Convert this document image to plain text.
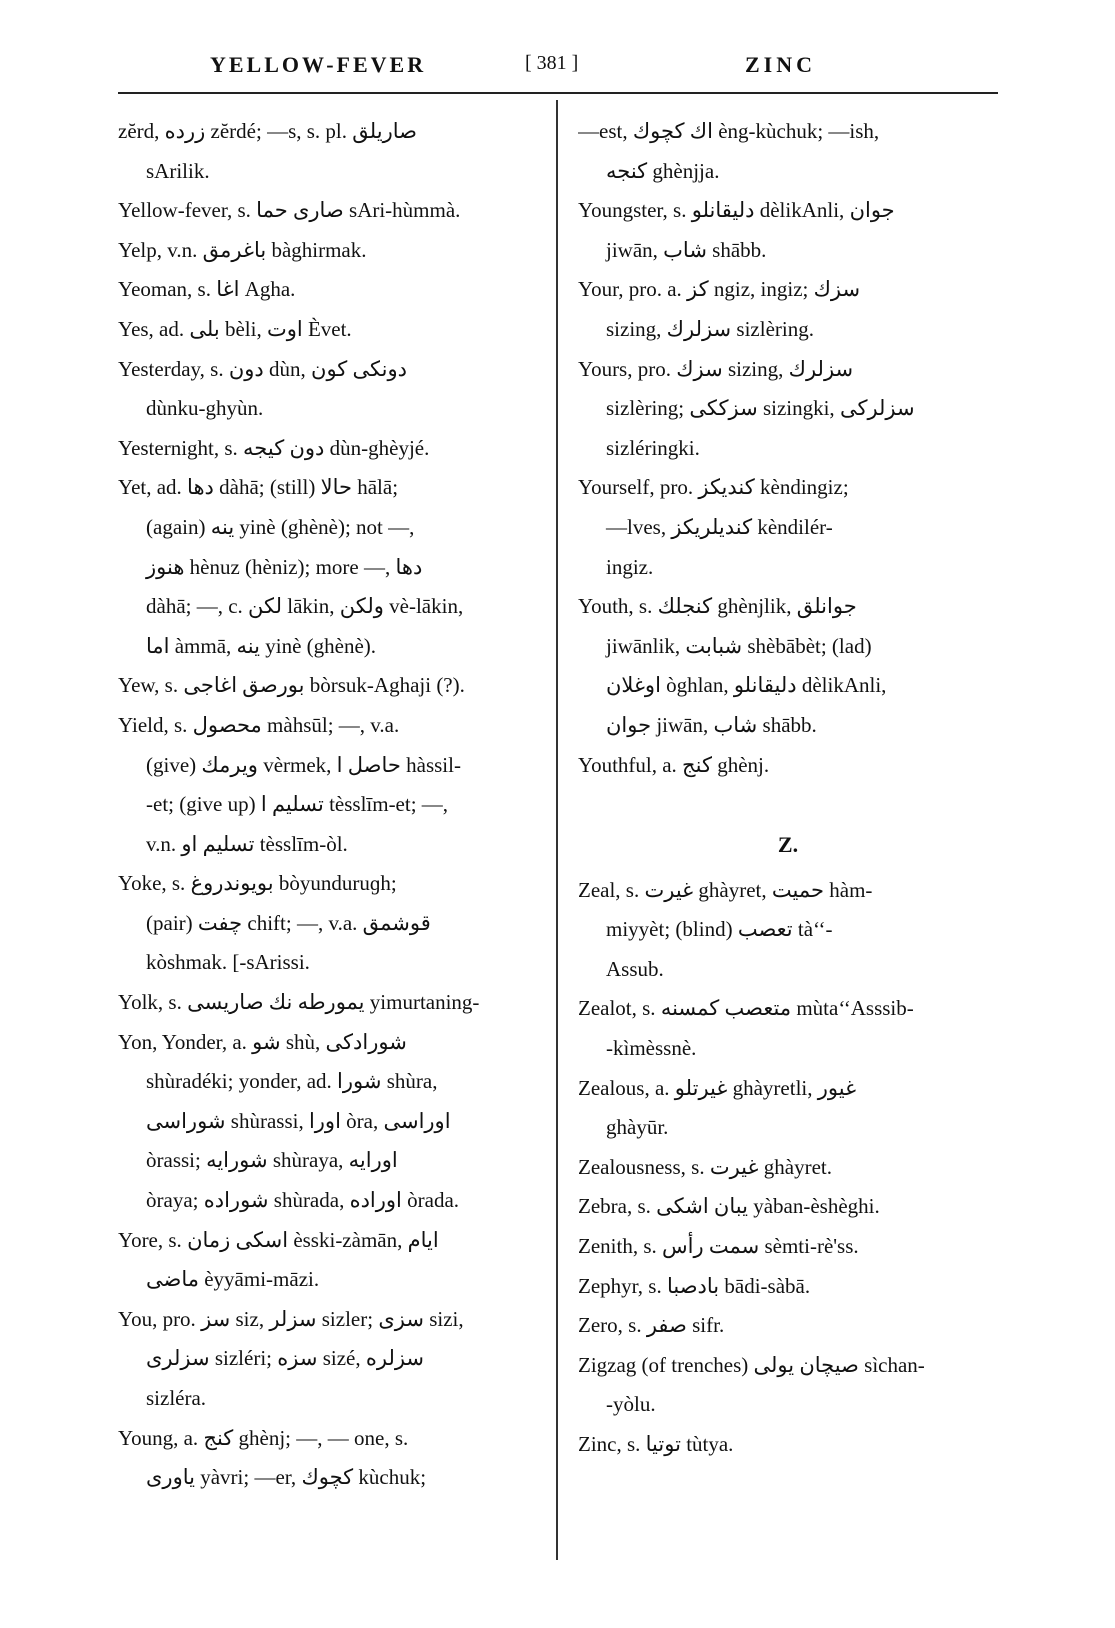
YELLOW-FEVER	[ 381 ]	ZINC
zĕrd, زرده zĕrdé; —s, s. pl. صاريلق
sArilik.
Yellow-fever, s. صارى حما sAri-hùmmà.
Yelp, v.n. باغرمق bàghirmak.
Yeoman, s. اغا Agha.
Yes, ad. بلى bèli, اوت Èvet.
Yesterday, s. دون dùn, دونكى كون
dùnku-ghyùn.
Yesternight, s. دون كيجه dùn-ghèyjé.
Yet, ad. دها dàhā; (still) حالا hālā;
(again) ينه yinè (ghènè); not —,
هنوز hènuz (hèniz); more —, دها
dàhā; —, c. لكن lākin, ولكن vè-lākin,
اما àmmā, ينه yinè (ghènè).
Yew, s. بورصق اغاجى bòrsuk-Aghaji (?).
Yield, s. محصول màhsūl; —, v.a.
(give) ويرمك vèrmek, حاصل ا hàssil-
-et; (give up) تسليم ا tèsslīm-et; —,
v.n. تسليم او tèsslīm-òl.
Yoke, s. بويوندروغ bòyunduruɡh;
(pair) چفت chift; —, v.a. قوشمق
kòshmak. [-sArissi.
Yolk, s. يمورطه نك صاريسى yimurtaning-
Yon, Yonder, a. شو shù, شورادكى
shùradéki; yonder, ad. شورا shùra,
شوراسى shùrassi, اورا òra, اوراسى
òrassi; شورايه shùraya, اورايه
òraya; شوراده shùrada, اوراده òrada.
Yore, s. اسكى زمان èsski-zàmān, ايام
ماضى èyyāmi-māzi.
You, pro. سز siz, سزلر sizler; سزى sizi,
سزلرى sizléri; سزه sizé, سزلره
sizléra.
Young, a. كنج ghènj; —, — one, s.
ياورى yàvri; —er, كچوك kùchuk;
—est, اك كچوك èng-kùchuk; —ish,
كنجه ghènjja.
Youngster, s. دليقانلو dèlikAnli, جوان
jiwān, شاب shābb.
Your, pro. a. كز ngiz, ingiz; سزك
sizing, سزلرك sizlèring.
Yours, pro. سزك sizing, سزلرك
sizlèring; سزككى sizingki, سزلركى
sizléringki.
Yourself, pro. كنديكز kèndingiz;
—lves, كنديلريكز kèndilér-
ingiz.
Youth, s. كنجلك ghènjlik, جوانلق
jiwānlik, شبابت shèbābèt; (lad)
اوغلان òghlan, دليقانلو dèlikAnli,
جوان jiwān, شاب shābb.
Youthful, a. كنج ghènj.
Z.
Zeal, s. غيرت ghàyret, حميت hàm-
miyyèt; (blind) تعصب tà‘‘-
Assub.
Zealot, s. متعصب كمسنه mùta‘‘Asssib-
-kìmèssnè.
Zealous, a. غيرتلو ghàyretli, غيور
ghàyūr.
Zealousness, s. غيرت ghàyret.
Zebra, s. يبان اشكى yàban-èshèghi.
Zenith, s. سمت رأس sèmti-rè'ss.
Zephyr, s. بادصبا bādi-sàbā.
Zero, s. صفر sifr.
Zigzag (of trenches) صيچان يولى sìchan-
-yòlu.
Zinc, s. توتيا tùtya.
